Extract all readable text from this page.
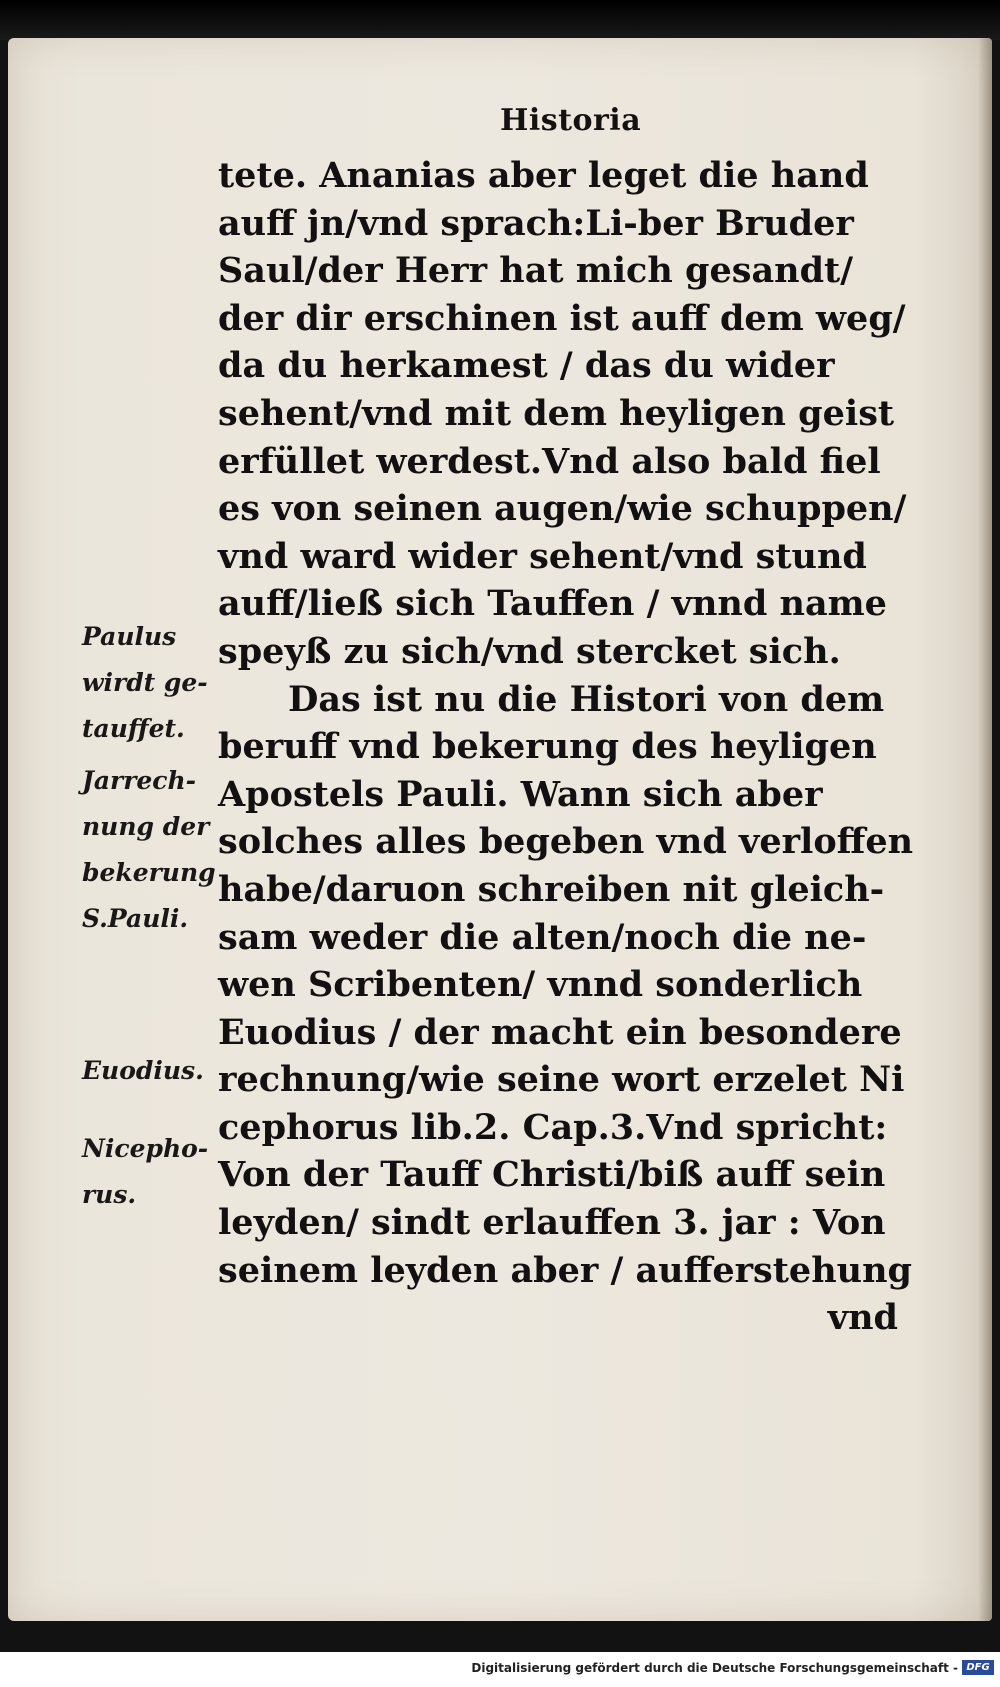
Historia
tete. Ananias aber leget die hand
auff jn/vnd sprach:Li-ber Bruder
Saul/der Herr hat mich gesandt/
der dir erschinen ist auff dem weg/
da du herkamest / das du wider
sehent/vnd mit dem heyligen geist
erfüllet werdest.Vnd also bald fiel
es von seinen augen/wie schuppen/
vnd ward wider sehent/vnd stund
auff/ließ sich Tauffen / vnnd name
speyß zu sich/vnd stercket sich.
Das ist nu die Histori von dem
beruff vnd bekerung des heyligen
Apostels Pauli. Wann sich aber
solches alles begeben vnd verloffen
habe/daruon schreiben nit gleich-
sam weder die alten/noch die ne-
wen Scribenten/ vnnd sonderlich
Euodius / der macht ein besondere
rechnung/wie seine wort erzelet Ni
cephorus lib.2. Cap.3.Vnd spricht:
Von der Tauff Christi/biß auff sein
leyden/ sindt erlauffen 3. jar : Von
seinem leyden aber / aufferstehung
vnd
Paulus
wirdt ge-
tauffet.
Jarrech-
nung der
bekerung
S.Pauli.
Euodius.
Nicepho-
rus.
Digitalisierung gefördert durch die Deutsche Forschungsgemeinschaft - DFG
